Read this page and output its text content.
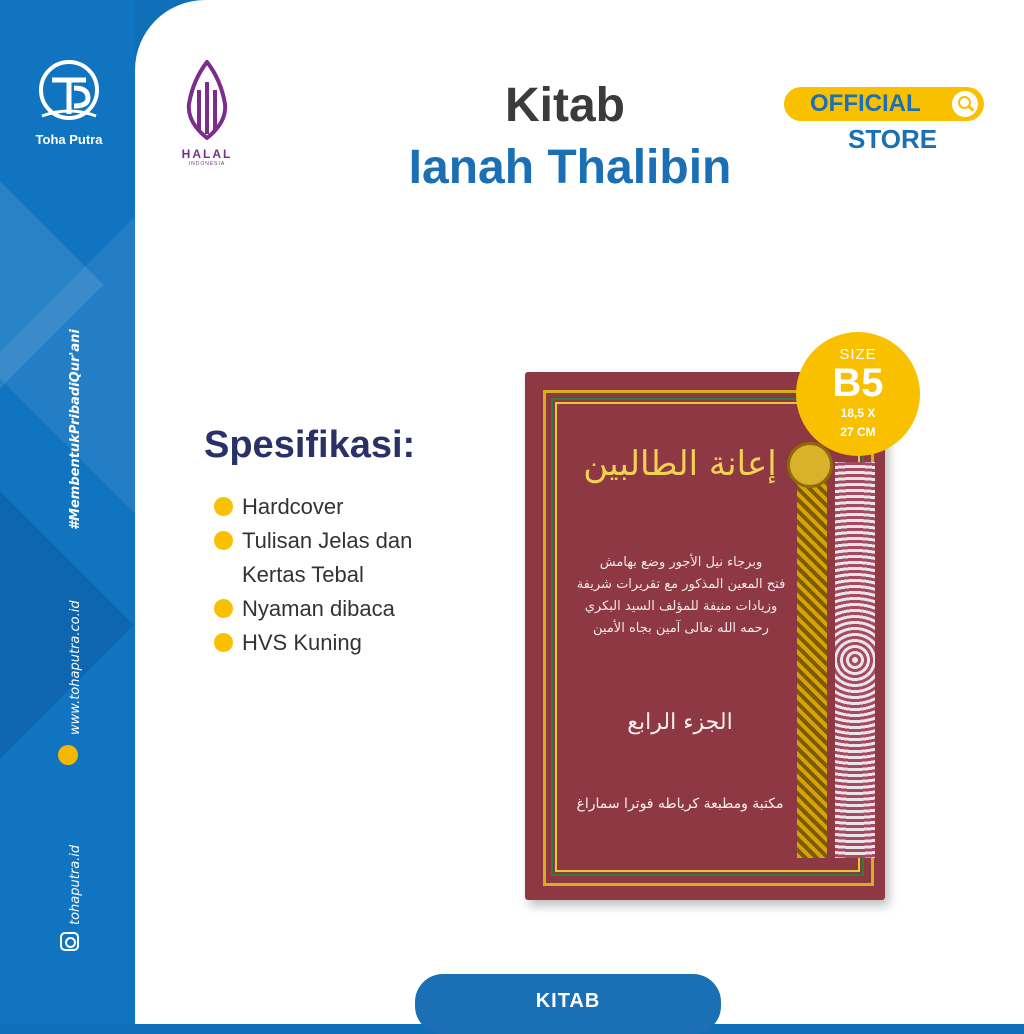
Toha Putra
#MembentukPribadiQur'ani
www.tohaputra.co.id
tohaputra.id
HALAL
INDONESIA
Kitab
Ianah Thalibin
OFFICIAL
STORE
Spesifikasi:
Hardcover
Tulisan Jelas dan
Kertas Tebal
Nyaman dibaca
HVS Kuning
إعانة الطالبين
وبرجاء نيل الأجور وضع بهامش
فتح المعين المذكور مع تقريرات شريفة
وزيادات منيفة للمؤلف السيد البكري
رحمه الله تعالى آمين بجاه الأمين
الجزء الرابع
مكتبة ومطبعة كرياطه فوترا سماراغ
SIZE
B5
18,5 X
27 CM
KITAB
